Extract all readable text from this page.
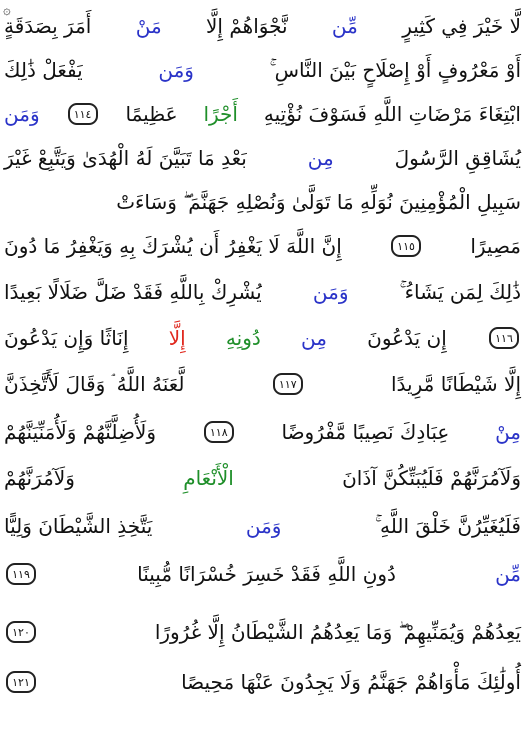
۞
لَّا خَيْرَ فِي كَثِيرٍ
مِّن
نَّجْوَاهُمْ إِلَّا
مَنْ
أَمَرَ بِصَدَقَةٍ
أَوْ مَعْرُوفٍ أَوْ إِصْلَاحٍ بَيْنَ النَّاسِ ۚ
وَمَن
يَفْعَلْ ذَٰلِكَ
ابْتِغَاءَ مَرْضَاتِ اللَّهِ فَسَوْفَ نُؤْتِيهِ
أَجْرًا
عَظِيمًا
١١٤
وَمَن
يُشَاقِقِ الرَّسُولَ
مِن
بَعْدِ مَا تَبَيَّنَ لَهُ الْهُدَىٰ وَيَتَّبِعْ غَيْرَ
سَبِيلِ الْمُؤْمِنِينَ نُوَلِّهِ مَا تَوَلَّىٰ وَنُصْلِهِ جَهَنَّمَ ۖ وَسَاءَتْ
مَصِيرًا
١١٥
إِنَّ اللَّهَ لَا يَغْفِرُ أَن يُشْرَكَ بِهِ وَيَغْفِرُ مَا دُونَ
ذَٰلِكَ لِمَن يَشَاءُ ۚ
وَمَن
يُشْرِكْ بِاللَّهِ فَقَدْ ضَلَّ ضَلَالًا بَعِيدًا
١١٦
إِن يَدْعُونَ
مِن
دُونِهِ
إِلَّا
إِنَاثًا وَإِن يَدْعُونَ
إِلَّا شَيْطَانًا مَّرِيدًا
١١٧
لَّعَنَهُ اللَّهُ ۘ وَقَالَ لَأَتَّخِذَنَّ
مِنْ
عِبَادِكَ نَصِيبًا مَّفْرُوضًا
١١٨
وَلَأُضِلَّنَّهُمْ وَلَأُمَنِّيَنَّهُمْ
وَلَآمُرَنَّهُمْ فَلَيُبَتِّكُنَّ آذَانَ
الْأَنْعَامِ
وَلَآمُرَنَّهُمْ
فَلَيُغَيِّرُنَّ خَلْقَ اللَّهِ ۚ
وَمَن
يَتَّخِذِ الشَّيْطَانَ وَلِيًّا
مِّن
دُونِ اللَّهِ فَقَدْ خَسِرَ خُسْرَانًا مُّبِينًا
١١٩
يَعِدُهُمْ وَيُمَنِّيهِمْ ۖ وَمَا يَعِدُهُمُ الشَّيْطَانُ إِلَّا غُرُورًا
١٢٠
أُولَٰئِكَ مَأْوَاهُمْ جَهَنَّمُ وَلَا يَجِدُونَ عَنْهَا مَحِيصًا
١٢١
